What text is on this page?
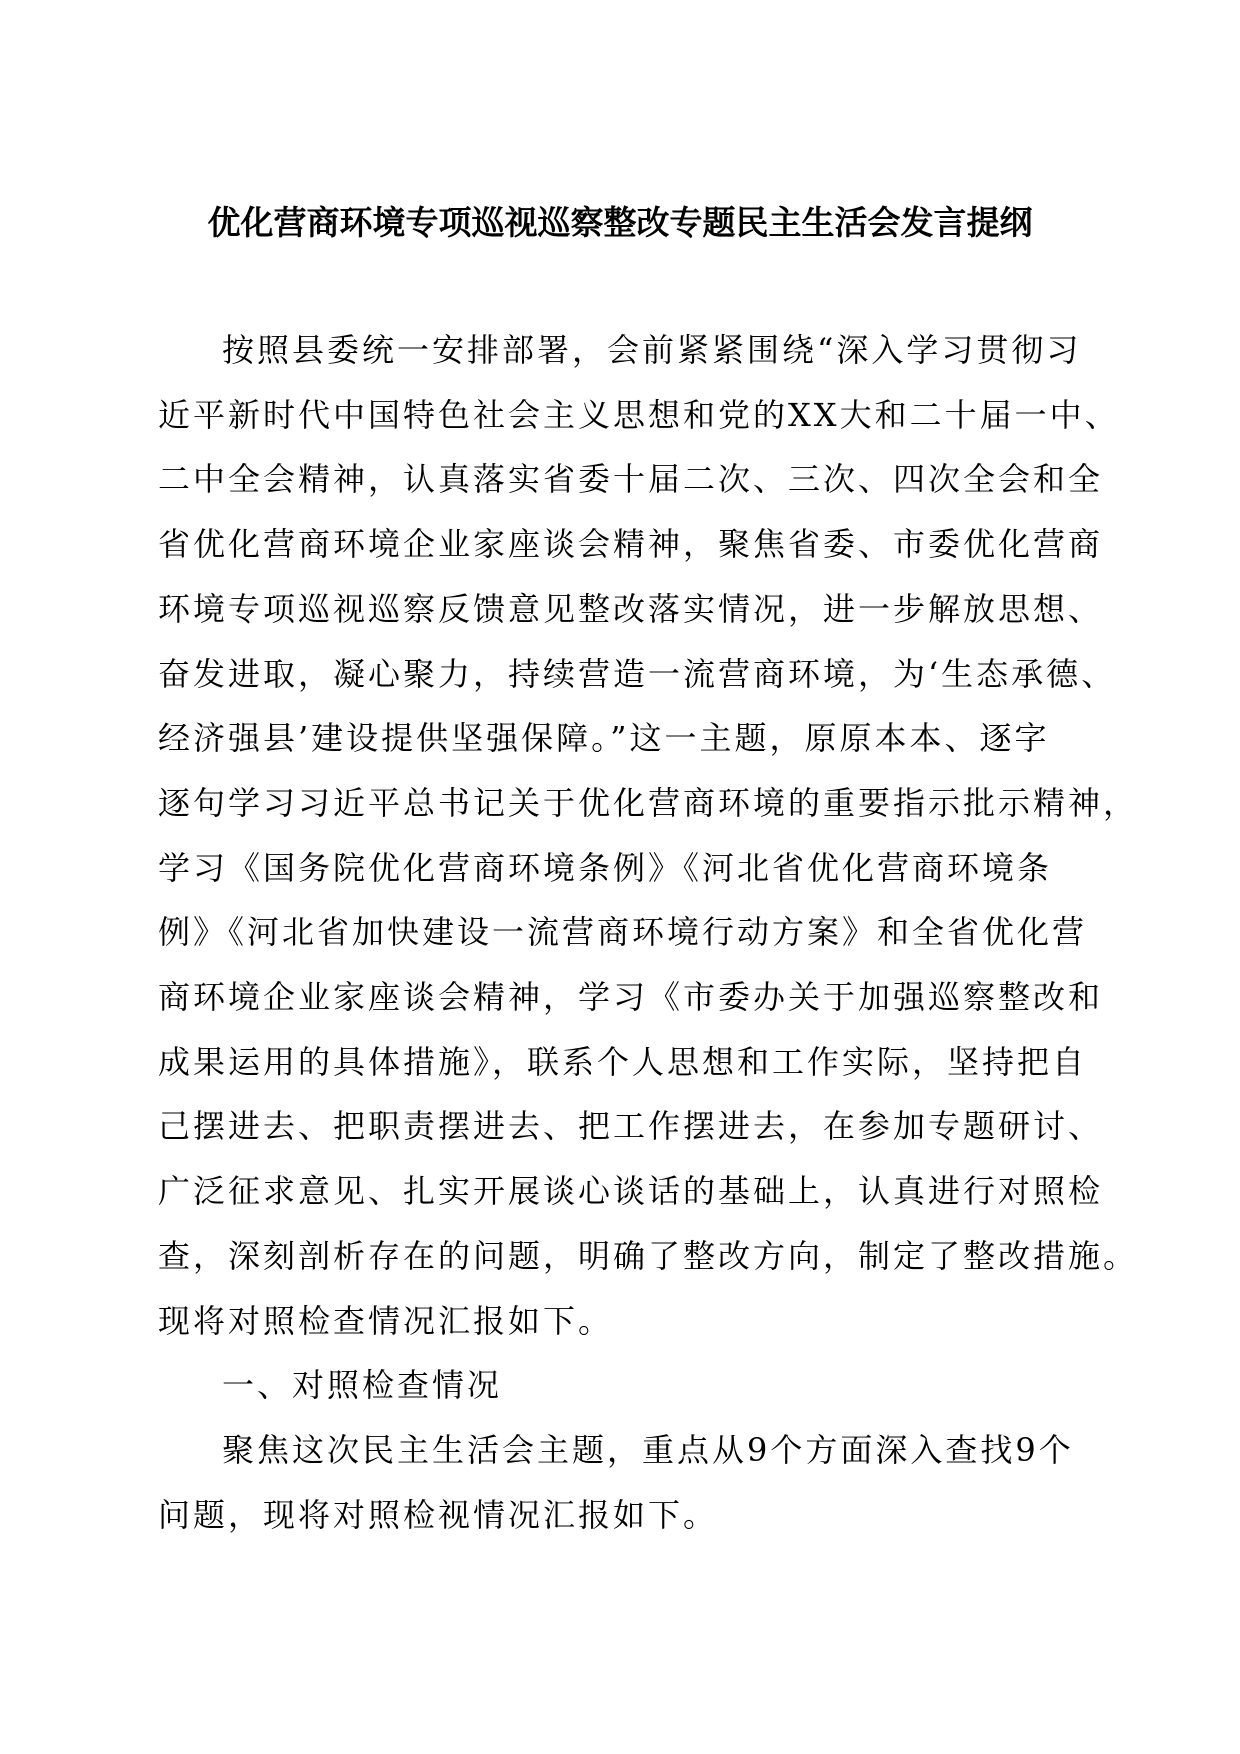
优化营商环境专项巡视巡察整改专题民主生活会发言提纲

按照县委统一安排部署，会前紧紧围绕“深入学习贯彻习
近平新时代中国特色社会主义思想和党的XX大和二十届一中、
二中全会精神，认真落实省委十届二次、三次、四次全会和全
省优化营商环境企业家座谈会精神，聚焦省委、市委优化营商
环境专项巡视巡察反馈意见整改落实情况，进一步解放思想、
奋发进取，凝心聚力，持续营造一流营商环境，为‘生态承德、
经济强县’建设提供坚强保障。”这一主题，原原本本、逐字
逐句学习习近平总书记关于优化营商环境的重要指示批示精神，
学习《国务院优化营商环境条例》《河北省优化营商环境条
例》《河北省加快建设一流营商环境行动方案》和全省优化营
商环境企业家座谈会精神，学习《市委办关于加强巡察整改和
成果运用的具体措施》，联系个人思想和工作实际，坚持把自
己摆进去、把职责摆进去、把工作摆进去，在参加专题研讨、
广泛征求意见、扎实开展谈心谈话的基础上，认真进行对照检
查，深刻剖析存在的问题，明确了整改方向，制定了整改措施。
现将对照检查情况汇报如下。

一、对照检查情况

聚焦这次民主生活会主题，重点从9个方面深入查找9个
问题，现将对照检视情况汇报如下。
